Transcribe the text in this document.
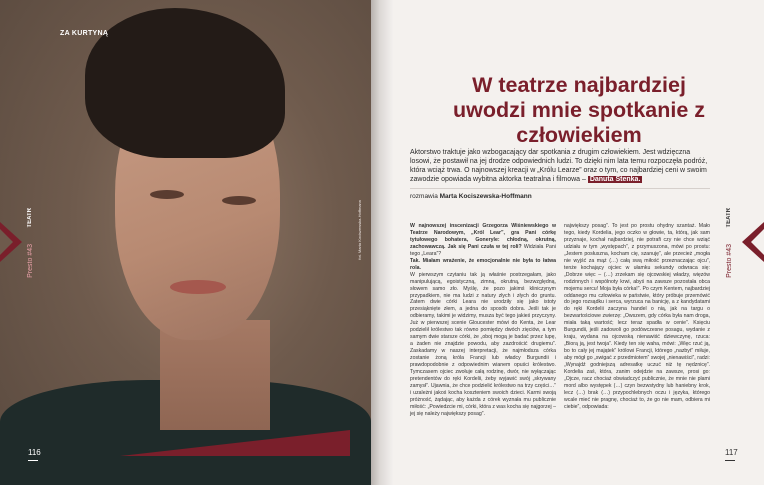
ZA KURTYNĄ
fot. Marta Kociszewska-Hoffmann
TEATR
Presto #43
116
W teatrze najbardziej uwodzi mnie spotkanie z człowiekiem
Aktorstwo traktuje jako wzbogacający dar spotkania z drugim człowiekiem. Jest wdzięczna losowi, że postawił na jej drodze odpowiednich ludzi. To dzięki nim lata temu rozpoczęła podróż, która wciąż trwa. O najnowszej kreacji w „Królu Learze” oraz o tym, co najbardziej ceni w swoim zawodzie opowiada wybitna aktorka teatralna i filmowa – Danuta Stenka.
rozmawia Marta Kociszewska-Hoffmann

W najnowszej inscenizacji Grzegorza Wiśniewskiego w Teatrze Narodowym, „Król Lear”, gra Pani córkę tytułowego bohatera, Goneryle: chłodną, okrutną, zachowawczą. Jak się Pani czuła w tej roli? Widziała Pani tego „Leara”?

Tak. Miałam wrażenie, że emocjonalnie nie była to łatwa rola.

W pierwszym czytaniu tak ją właśnie postrzegałam, jako manipulującą, egoistyczną, zimną, okrutną, bezwzględną, słowem samo zło. Myślę, że pozo jakimś kliniczynym przypadkiem, nie ma ludzi z natury złych i złych do gruntu. Zatem dwie córki Leara nie urodziły się jako istoty przesiąknięte złem, a jedna do sposób dobra. Jeśli tak je odbieramy, takimi je widzimy, musza być tego jakieś przyczyny. Już w pierwszej scenie Gloucester mówi do Kenta, że Lear podzielił królestwo tak równo pomiędzy dwóch zięciów, a tym samym dwie starsze córki, że „oboj mogą je badać przez lupę, a żaden nie znajdzie powodu, aby zazdrościć drugiemu”. Zaskadamy w naszej interpretacji, że najmłodsza córka zostanie żoną króla Francji lub władcy Burgundii i prawdopodobnie z odpowiednim wianem opuści królestwo. Tymczasem ojciec zwołuje całą rodzinę, dwór, nie wyłączając pretendentów do ręki Kordelii, żeby wyjawić swój „skrywany zamysł”. Ujawnia, że chce podzielić królestwo na trzy części…” i uzależni jakoś kocha koszteniem swoich dzieci. Karmi swoją próżność, żądając, aby każda z córek wyznała mu publicznie miłość: „Powiedzcie mi, córki, która z was kocha się najgorzej – jej się należy największy posag”.

największy posag”. To jest po prostu ohydny szantaż. Mało tego, kiedy Kordelia, jego oczko w głowie, ta, którą, jak sam przyznaje, kochał najbardziej, nie potrafi czy nie chce wziąć udziału w tym „występach”, z przymuszona, mówi po prostu: „Jestem posłuszna, kocham cię, szanuję”, ale przecież „mogła nie wyjść za mąż (…) całą swą miłość przeznaczając ojcu”, tenże kochający ojciec w ułamku sekundy odwraca się: „Dobrze więc – (…) zrzekam się ojcowskiej władzy, więzów rodzinnych i wspólnoty krwi, abyś na zawsze pozostała obca mojemu sercu! Moja była córka!”. Po czym Kentem, najbardziej oddanego mu człowieka w państwie, który próbuje przemówić do jego rozsądku i serca, wyrzuca na banicję, a z kandydatami do ręki Kordelii zaczyna handel o nią, jak na targu o bezwartościowe zwierzę: „Owszem, gdy córka była nam droga, miała taką wartość; lecz teraz spadła w cenie”. Księciu Burgundii, jeśli zadowoli go podówczesne posagu, wydanie z kraju, wydana na ojcowską nienawiść dziewczynę, rzuca: „Biorą ją, jest twoja”. Kiedy ten się waha, mówi: „Więc rzuć ją, bo to cały jej majątek” królowi Francji, którego „nazbyt” miłuje, aby mógł go „swigać z przedmiotem” swojej „nienawiści”, radzi: „Wynajdź godniejszą adresatkę uczuć niż tę nędznicę”. Kordelia zaś, która, zanim odejdzie na zawsze, prosi go: „Ojcze, racz chociaż obwiadczyć publicznie, że mnie nie plami mord albo występek (…) czyn bezwstydny lub haniebny krok, lecz (…) brak (…) przypochlebnych oczu i języka, którego wcale mieć nie pragnę, chociaż to, że go nie mam, odbiera mi ciebie”, odpowiada:

TEATR
Presto #43
117
